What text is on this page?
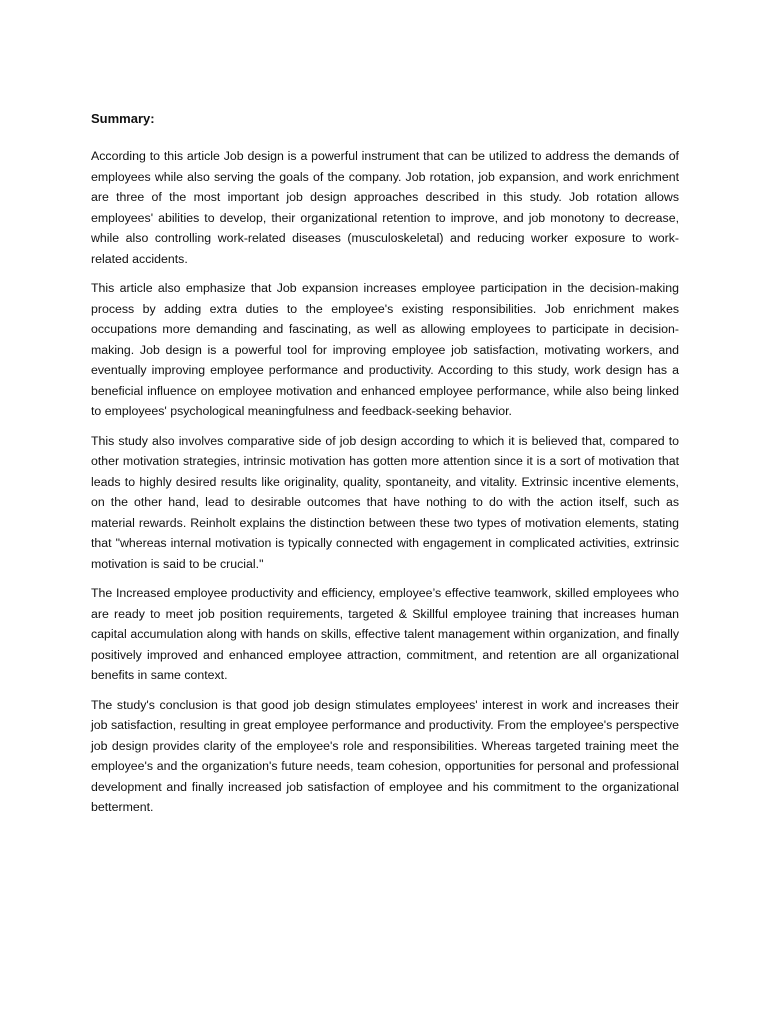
Summary:

According to this article Job design is a powerful instrument that can be utilized to address the demands of employees while also serving the goals of the company. Job rotation, job expansion, and work enrichment are three of the most important job design approaches described in this study. Job rotation allows employees' abilities to develop, their organizational retention to improve, and job monotony to decrease, while also controlling work-related diseases (musculoskeletal) and reducing worker exposure to work-related accidents.

This article also emphasize that Job expansion increases employee participation in the decision-making process by adding extra duties to the employee's existing responsibilities. Job enrichment makes occupations more demanding and fascinating, as well as allowing employees to participate in decision-making. Job design is a powerful tool for improving employee job satisfaction, motivating workers, and eventually improving employee performance and productivity. According to this study, work design has a beneficial influence on employee motivation and enhanced employee performance, while also being linked to employees' psychological meaningfulness and feedback-seeking behavior.

This study also involves comparative side of job design according to which it is believed that, compared to other motivation strategies, intrinsic motivation has gotten more attention since it is a sort of motivation that leads to highly desired results like originality, quality, spontaneity, and vitality. Extrinsic incentive elements, on the other hand, lead to desirable outcomes that have nothing to do with the action itself, such as material rewards. Reinholt explains the distinction between these two types of motivation elements, stating that "whereas internal motivation is typically connected with engagement in complicated activities, extrinsic motivation is said to be crucial."

The Increased employee productivity and efficiency, employee’s effective teamwork, skilled employees who are ready to meet job position requirements, targeted & Skillful employee training that increases human capital accumulation along with hands on skills, effective talent management within organization, and finally positively improved and enhanced employee attraction, commitment, and retention are all organizational benefits in same context.

The study's conclusion is that good job design stimulates employees' interest in work and increases their job satisfaction, resulting in great employee performance and productivity. From the employee's perspective job design provides clarity of the employee's role and responsibilities. Whereas targeted training meet the employee's and the organization's future needs, team cohesion, opportunities for personal and professional development and finally increased job satisfaction of employee and his commitment to the organizational betterment.
